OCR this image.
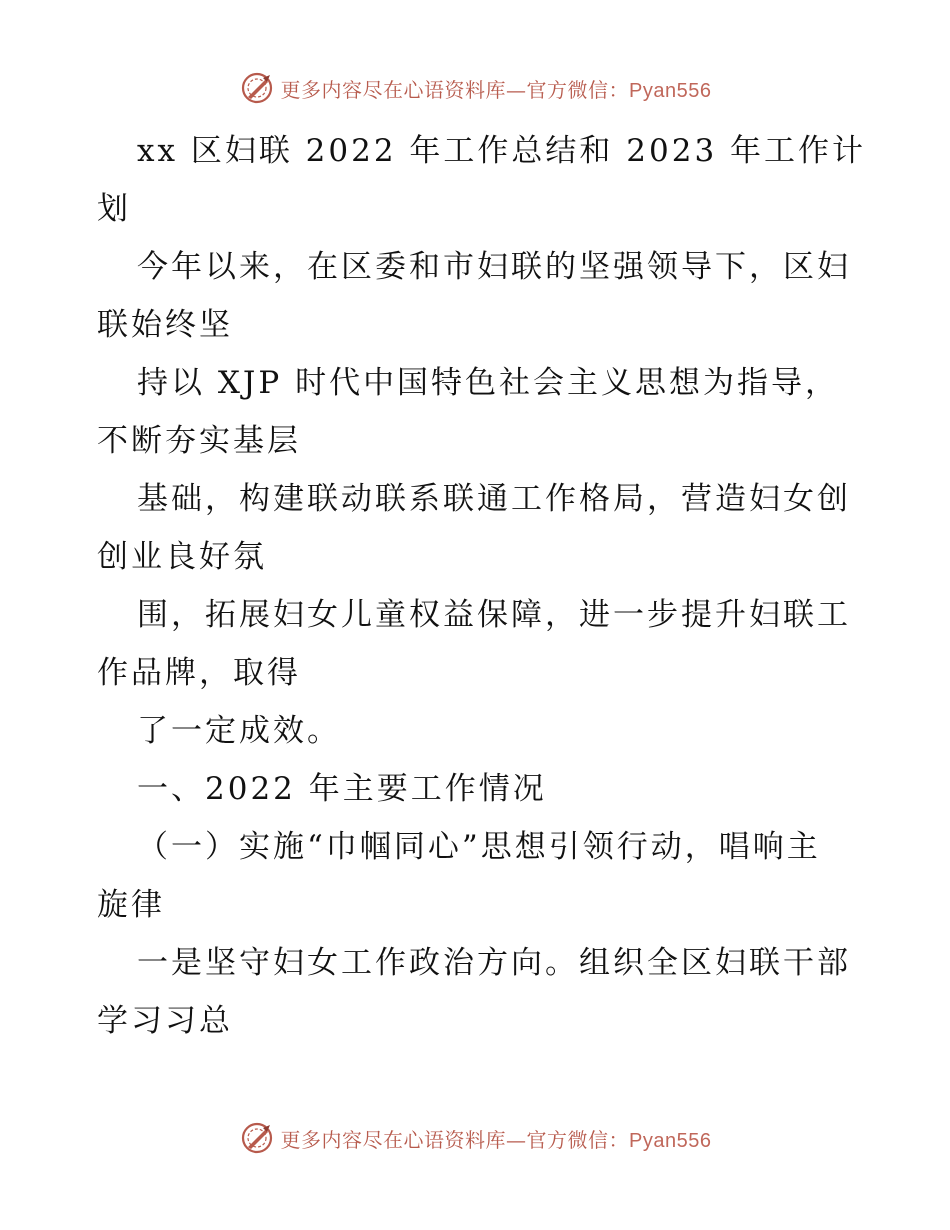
更多内容尽在心语资料库—官方微信：Pyan556
xx 区妇联 2022 年工作总结和 2023 年工作计
划
今年以来，在区委和市妇联的坚强领导下，区妇
联始终坚
持以 XJP 时代中国特色社会主义思想为指导，
不断夯实基层
基础，构建联动联系联通工作格局，营造妇女创
创业良好氛
围，拓展妇女儿童权益保障，进一步提升妇联工
作品牌，取得
了一定成效。
一、2022 年主要工作情况
（一）实施“巾帼同心”思想引领行动，唱响主
旋律
一是坚守妇女工作政治方向。组织全区妇联干部
学习习总
更多内容尽在心语资料库—官方微信：Pyan556
